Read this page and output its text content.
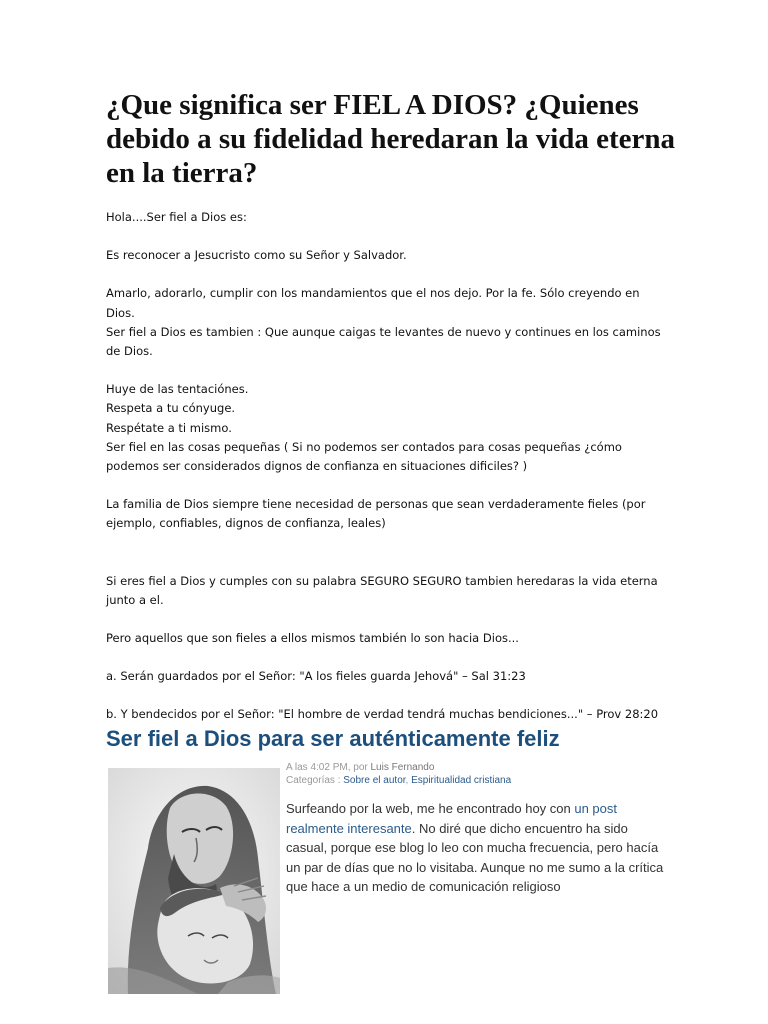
¿Que significa ser FIEL A DIOS? ¿Quienes debido a su fidelidad heredaran la vida eterna en la tierra?

Hola....Ser fiel a Dios es:

Es reconocer a Jesucristo como su Señor y Salvador.

Amarlo, adorarlo, cumplir con los mandamientos que el nos dejo. Por la fe. Sólo creyendo en Dios.

Ser fiel a Dios es tambien : Que aunque caigas te levantes de nuevo y continues en los caminos de Dios.

Huye de las tentaciónes.

Respeta a tu cónyuge.

Respétate a ti mismo.

Ser fiel en las cosas pequeñas ( Si no podemos ser contados para cosas pequeñas ¿cómo podemos ser considerados dignos de confianza en situaciones dificiles? )

La familia de Dios siempre tiene necesidad de personas que sean verdaderamente fieles (por ejemplo, confiables, dignos de confianza, leales)

Si eres fiel a Dios y cumples con su palabra SEGURO SEGURO tambien heredaras la vida eterna junto a el.

Pero aquellos que son fieles a ellos mismos también lo son hacia Dios...

a. Serán guardados por el Señor: "A los fieles guarda Jehová" – Sal 31:23

b. Y bendecidos por el Señor: "El hombre de verdad tendrá muchas bendiciones..." – Prov 28:20

Ser fiel a Dios para ser auténticamente feliz
A las 4:02 PM, por Luis Fernando
Categorías : Sobre el autor, Espiritualidad cristiana

Surfeando por la web, me he encontrado hoy con un post realmente interesante. No diré que dicho encuentro ha sido casual, porque ese blog lo leo con mucha frecuencia, pero hacía un par de días que no lo visitaba. Aunque no me sumo a la crítica que hace a un medio de comunicación religioso
